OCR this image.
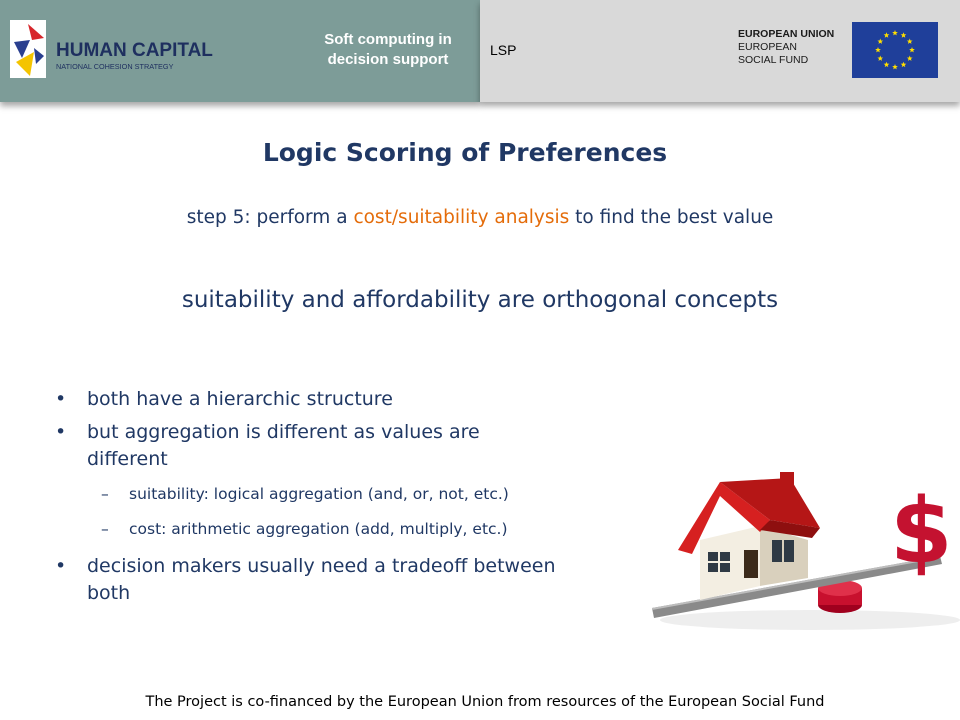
HUMAN CAPITAL
NATIONAL COHESION STRATEGY
Soft computing in
decision support
LSP
EUROPEAN UNION
EUROPEAN
SOCIAL FUND
Logic Scoring of Preferences
step 5: perform a cost/suitability analysis to find the best value
suitability and affordability are orthogonal concepts
• both have a hierarchic structure
• but aggregation is different as values are different
– suitability: logical aggregation (and, or, not, etc.)
– cost: arithmetic aggregation (add, multiply, etc.)
• decision makers usually need a tradeoff between both
$
The Project is co-financed by the European Union from resources of the European Social Fund
